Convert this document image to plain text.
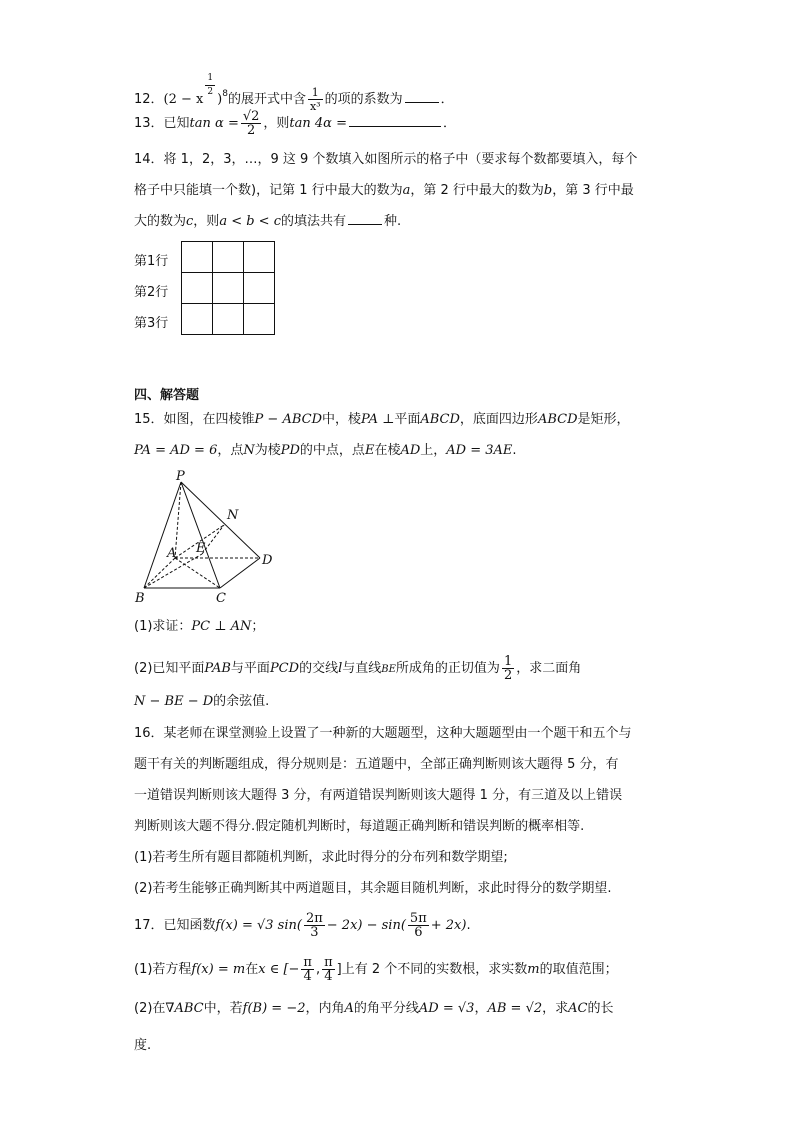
12．(2 − x
$\frac{1}{2}$
)$^8$的展开式中含 $\frac{1}{\text{x³}}$ 的项的系数为	．
13．已知$\tan \alpha = \frac{√2}{2}$ ，则tan 4α =	．
14．将 1，2，3，…，9 这 9 个数填入如图所示的格子中（要求每个数都要填入，每个
格子中只能填一个数)，记第 1 行中最大的数为a，第 2 行中最大的数为b，第 3 行中最
大的数为c，则a < b < c的填法共有	种.
第1行
第2行
第3行

四、解答题
15．如图，在四棱锥P − ABCD中，棱PA ⊥平面ABCD，底面四边形ABCD是矩形，
PA = AD = 6，点N为棱PD的中点，点E在棱AD上，AD = 3AE.
P
N
A E
D
B	C
(1)求证：PC ⊥ AN；
(2)已知平面PAB与平面PCD的交线l与直线BE所成角的正切值为 $\frac{1}{2}$ ，求二面角
N − BE − D的余弦值.
16．某老师在课堂测验上设置了一种新的大题题型，这种大题题型由一个题干和五个与
题干有关的判断题组成，得分规则是：五道题中，全部正确判断则该大题得 5 分，有
一道错误判断则该大题得 3 分，有两道错误判断则该大题得 1 分，有三道及以上错误
判断则该大题不得分.假定随机判断时，每道题正确判断和错误判断的概率相等.
(1)若考生所有题目都随机判断，求此时得分的分布列和数学期望;
(2)若考生能够正确判断其中两道题目，其余题目随机判断，求此时得分的数学期望.
17．已知函数f(x) = √3 $\sin( \frac{2\pi}{3} - 2x) - \sin( \frac{5\pi}{6} + 2x)$.
(1)若方程f(x) = m在x ∈ [− $\frac{\pi}{4}$ , $\frac{\pi}{4}$ ]上有 2 个不同的实数根，求实数m的取值范围；
(2)在∇ABC中，若f(B) = −2，内角A的角平分线AD = √3，AB = √2，求AC的长
度.
